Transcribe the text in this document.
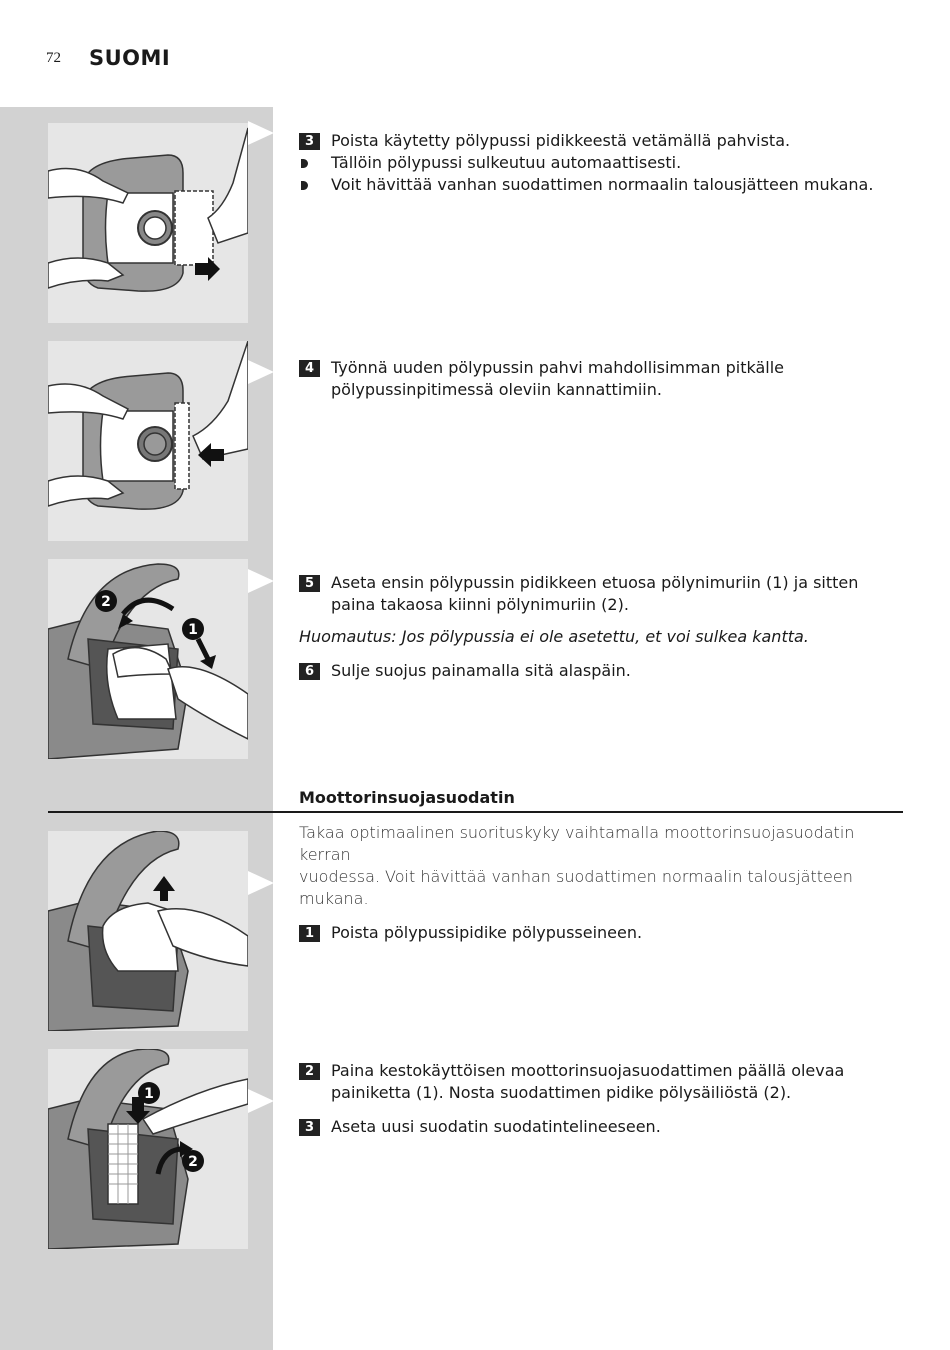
72 SUOMI
2
1
1
2

3	Poista käytetty pölypussi pidikkeestä vetämällä pahvista.

Tällöin pölypussi sulkeutuu automaattisesti.

Voit hävittää vanhan suodattimen normaalin talousjätteen mukana.

4	Työnnä uuden pölypussin pahvi mahdollisimman pitkälle
pölypussinpitimessä oleviin kannattimiin.

5	Aseta ensin pölypussin pidikkeen etuosa pölynimuriin (1) ja sitten
paina takaosa kiinni pölynimuriin (2).

Huomautus: Jos pölypussia ei ole asetettu, et voi sulkea kantta.

6	Sulje suojus painamalla sitä alaspäin.

Moottorinsuojasuodatin

Takaa optimaalinen suorituskyky vaihtamalla moottorinsuojasuodatin kerran
vuodessa. Voit hävittää vanhan suodattimen normaalin talousjätteen mukana.

1	Poista pölypussipidike pölypusseineen.

2	Paina kestokäyttöisen moottorinsuojasuodattimen päällä olevaa
painiketta (1). Nosta suodattimen pidike pölysäiliöstä (2).

3	Aseta uusi suodatin suodatintelineeseen.
